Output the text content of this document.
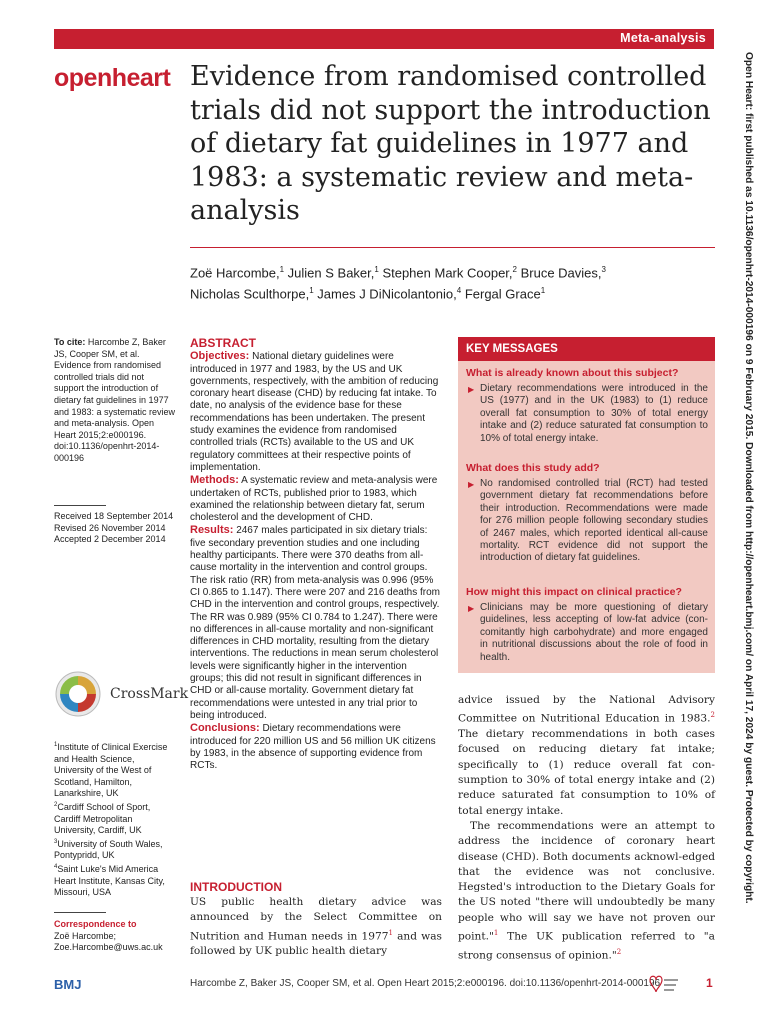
Meta-analysis
openheart Evidence from randomised controlled trials did not support the introduction of dietary fat guidelines in 1977 and 1983: a systematic review and meta-analysis
Zoë Harcombe,$^1$ Julien S Baker,$^1$ Stephen Mark Cooper,$^2$ Bruce Davies,$^3$
Nicholas Sculthorpe,$^1$ James J DiNicolantonio,$^4$ Fergal Grace$^1$
To cite: Harcombe Z, Baker JS, Cooper SM, et al. Evidence from randomised controlled trials did not support the introduction of dietary fat guidelines in 1977 and 1983: a systematic review and meta-analysis. Open Heart 2015;2:e000196. doi:10.1136/openhrt-2014-000196
Received 18 September 2014
Revised 26 November 2014
Accepted 2 December 2014
CrossMark
$^1$Institute of Clinical Exercise and Health Science, University of the West of Scotland, Hamilton, Lanarkshire, UK
$^2$Cardiff School of Sport, Cardiff Metropolitan University, Cardiff, UK
$^3$University of South Wales, Pontypridd, UK
$^4$Saint Luke's Mid America Heart Institute, Kansas City, Missouri, USA
Correspondence to
Zoë Harcombe;
Zoe.Harcombe@uws.ac.uk
ABSTRACT

Objectives: National dietary guidelines were introduced in 1977 and 1983, by the US and UK governments, respectively, with the ambition of reducing coronary heart disease (CHD) by reducing fat intake. To date, no analysis of the evidence base for these recommendations has been undertaken. The present study examines the evidence from randomised controlled trials (RCTs) available to the US and UK regulatory committees at their respective points of implementation.

Methods: A systematic review and meta-analysis were undertaken of RCTs, published prior to 1983, which examined the relationship between dietary fat, serum cholesterol and the development of CHD.

Results: 2467 males participated in six dietary trials: five secondary prevention studies and one including healthy participants. There were 370 deaths from all-cause mortality in the intervention and control groups. The risk ratio (RR) from meta-analysis was 0.996 (95% CI 0.865 to 1.147). There were 207 and 216 deaths from CHD in the intervention and control groups, respectively. The RR was 0.989 (95% CI 0.784 to 1.247). There were no differences in all-cause mortality and non-significant differences in CHD mortality, resulting from the dietary interventions. The reductions in mean serum cholesterol levels were significantly higher in the intervention groups; this did not result in significant differences in CHD or all-cause mortality. Government dietary fat recommendations were untested in any trial prior to being introduced.

Conclusions: Dietary recommendations were introduced for 220 million US and 56 million UK citizens by 1983, in the absence of supporting evidence from RCTs.

INTRODUCTION
US public health dietary advice was announced by the Select Committee on Nutrition and Human needs in 1977$^1$ and was followed by UK public health dietary
What is already known about this subject?
▶ Dietary recommendations were introduced in the US (1977) and in the UK (1983) to (1) reduce overall fat consumption to 30% of total energy intake and (2) reduce saturated fat consumption to 10% of total energy intake.
What does this study add?
▶ No randomised controlled trial (RCT) had tested government dietary fat recommendations before their introduction. Recommendations were made for 276 million people following secondary studies of 2467 males, which reported identical all-cause mortality. RCT evidence did not support the introduction of dietary fat guidelines.
How might this impact on clinical practice?
▶ Clinicians may be more questioning of dietary guidelines, less accepting of low-fat advice (con-comitantly high carbohydrate) and more engaged in nutritional discussions about the role of food in health.
KEY MESSAGES

advice issued by the National Advisory Committee on Nutritional Education in 1983.$^2$ The dietary recommendations in both cases focused on reducing dietary fat intake; specifically to (1) reduce overall fat con-sumption to 30% of total energy intake and (2) reduce saturated fat consumption to 10% of total energy intake.

The recommendations were an attempt to address the incidence of coronary heart disease (CHD). Both documents acknowl-edged that the evidence was not conclusive. Hegsted's introduction to the Dietary Goals for the US noted "there will undoubtedly be many people who will say we have not proven our point."$^1$ The UK publication referred to "a strong consensus of opinion."$^2$

Open Heart: first published as 10.1136/openhrt-2014-000196 on 9 February 2015. Downloaded from http://openheart.bmj.com/ on April 17, 2024 by guest. Protected by copyright.
BMJ	Harcombe Z, Baker JS, Cooper SM, et al. Open Heart 2015;2:e000196. doi:10.1136/openhrt-2014-000196	1
